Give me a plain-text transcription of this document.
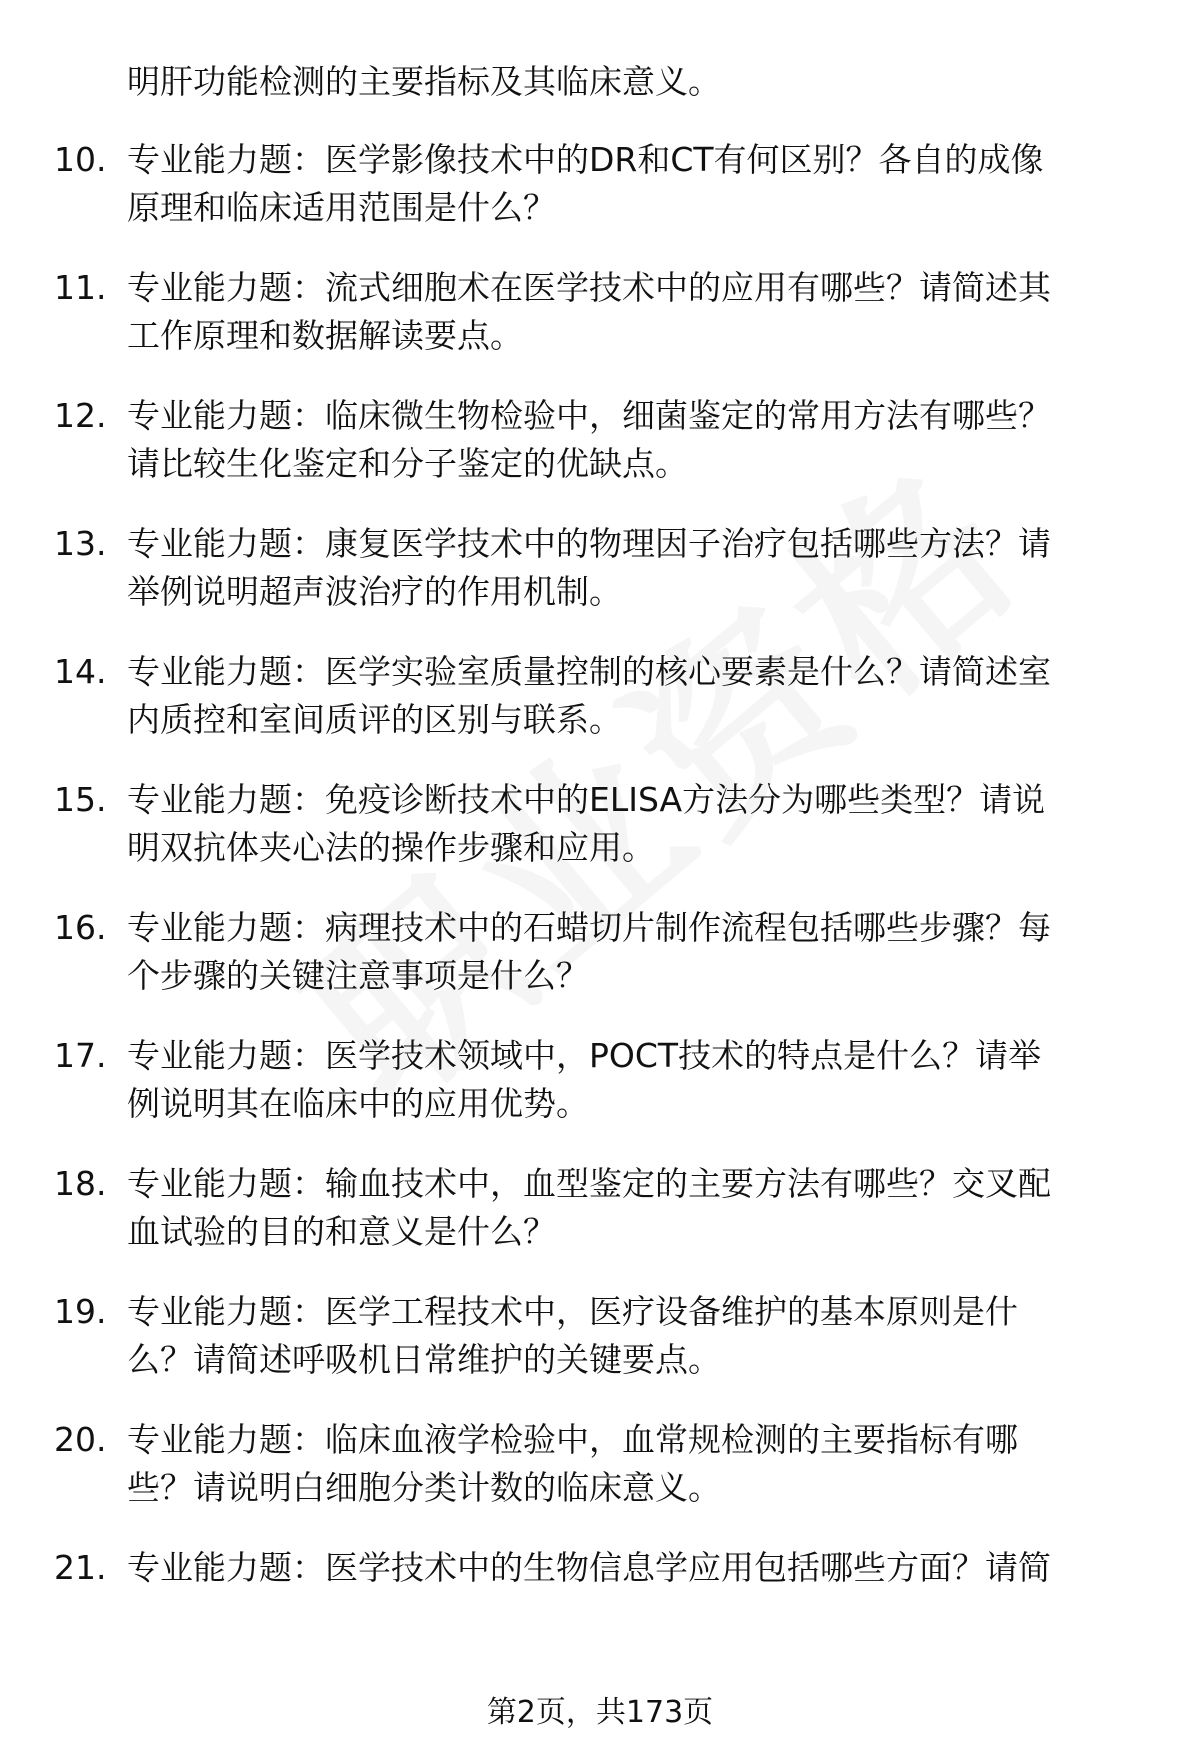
明肝功能检测的主要指标及其临床意义。
10. 专业能力题：医学影像技术中的DR和CT有何区别？各自的成像
原理和临床适用范围是什么？
11. 专业能力题：流式细胞术在医学技术中的应用有哪些？请简述其
工作原理和数据解读要点。
12. 专业能力题：临床微生物检验中，细菌鉴定的常用方法有哪些？
请比较生化鉴定和分子鉴定的优缺点。
13. 专业能力题：康复医学技术中的物理因子治疗包括哪些方法？请
举例说明超声波治疗的作用机制。
14. 专业能力题：医学实验室质量控制的核心要素是什么？请简述室
内质控和室间质评的区别与联系。
15. 专业能力题：免疫诊断技术中的ELISA方法分为哪些类型？请说
明双抗体夹心法的操作步骤和应用。
16. 专业能力题：病理技术中的石蜡切片制作流程包括哪些步骤？每
个步骤的关键注意事项是什么？
17. 专业能力题：医学技术领域中，POCT技术的特点是什么？请举
例说明其在临床中的应用优势。
18. 专业能力题：输血技术中，血型鉴定的主要方法有哪些？交叉配
血试验的目的和意义是什么？
19. 专业能力题：医学工程技术中，医疗设备维护的基本原则是什
么？请简述呼吸机日常维护的关键要点。
20. 专业能力题：临床血液学检验中，血常规检测的主要指标有哪
些？请说明白细胞分类计数的临床意义。
21. 专业能力题：医学技术中的生物信息学应用包括哪些方面？请简
第2页，共173页
